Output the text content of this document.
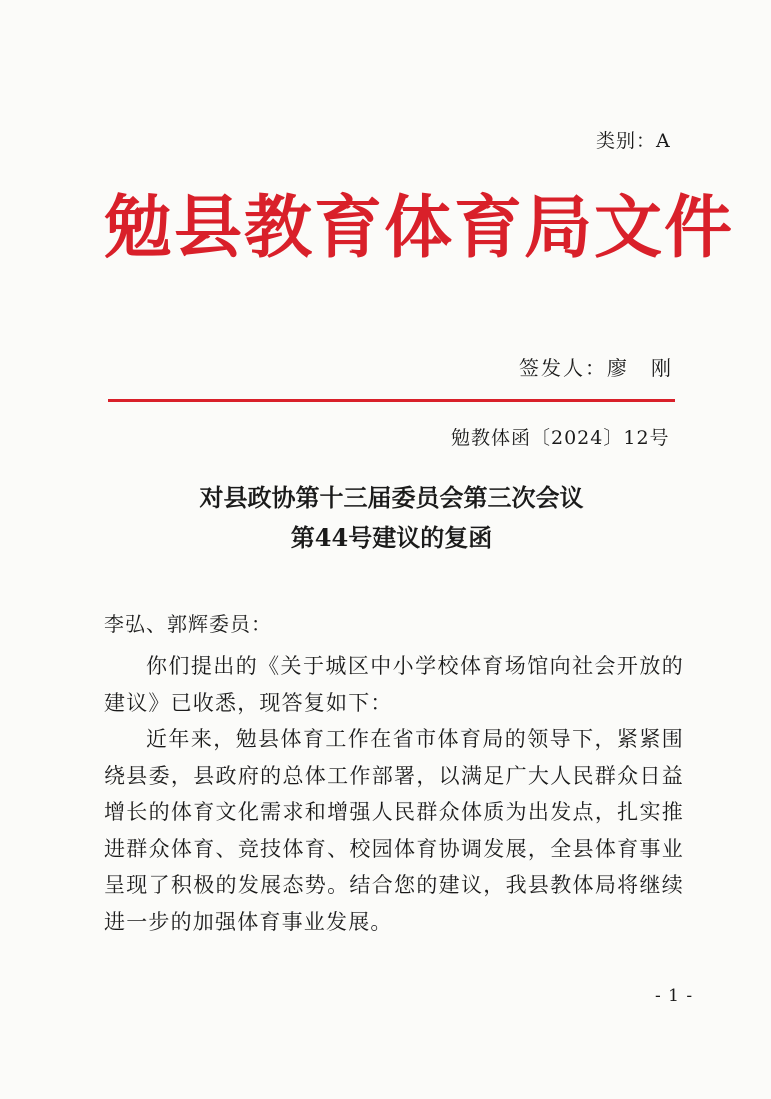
类别：A
勉县教育体育局文件
签发人：廖　刚
勉教体函〔2024〕12号
对县政协第十三届委员会第三次会议
第44号建议的复函
李弘、郭辉委员：

你们提出的《关于城区中小学校体育场馆向社会开放的建议》已收悉，现答复如下：

近年来，勉县体育工作在省市体育局的领导下，紧紧围绕县委，县政府的总体工作部署，以满足广大人民群众日益增长的体育文化需求和增强人民群众体质为出发点，扎实推进群众体育、竞技体育、校园体育协调发展，全县体育事业呈现了积极的发展态势。结合您的建议，我县教体局将继续进一步的加强体育事业发展。

- 1 -
